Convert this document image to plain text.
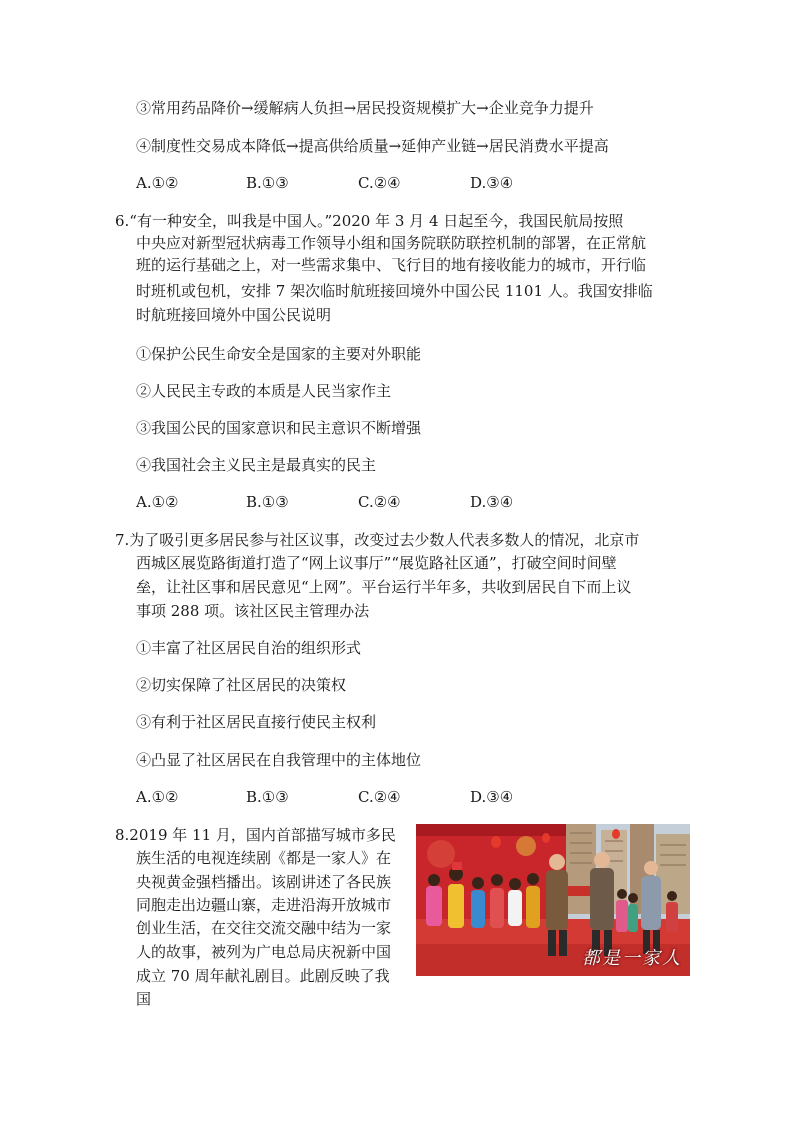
③常用药品降价→缓解病人负担→居民投资规模扩大→企业竞争力提升
④制度性交易成本降低→提高供给质量→延伸产业链→居民消费水平提高
A.①②	B.①③	C.②④	D.③④
6.“有一种安全，叫我是中国人。”2020 年 3 月 4 日起至今，我国民航局按照
中央应对新型冠状病毒工作领导小组和国务院联防联控机制的部署，在正常航
班的运行基础之上，对一些需求集中、飞行目的地有接收能力的城市，开行临
时班机或包机，安排 7 架次临时航班接回境外中国公民 1101 人。我国安排临
时航班接回境外中国公民说明
①保护公民生命安全是国家的主要对外职能
②人民民主专政的本质是人民当家作主
③我国公民的国家意识和民主意识不断增强
④我国社会主义民主是最真实的民主
A.①②	B.①③	C.②④	D.③④
7.为了吸引更多居民参与社区议事，改变过去少数人代表多数人的情况，北京市
西城区展览路街道打造了“网上议事厅”“展览路社区通”，打破空间时间壁
垒，让社区事和居民意见“上网”。平台运行半年多，共收到居民自下而上议
事项 288 项。该社区民主管理办法
①丰富了社区居民自治的组织形式
②切实保障了社区居民的决策权
③有利于社区居民直接行使民主权利
④凸显了社区居民在自我管理中的主体地位
A.①②	B.①③	C.②④	D.③④
8.2019 年 11 月，国内首部描写城市多民
族生活的电视连续剧《都是一家人》在
央视黄金强档播出。该剧讲述了各民族
同胞走出边疆山寨，走进沿海开放城市
创业生活，在交往交流交融中结为一家
人的故事，被列为广电总局庆祝新中国
成立 70 周年献礼剧目。此剧反映了我
国
都是一家人
